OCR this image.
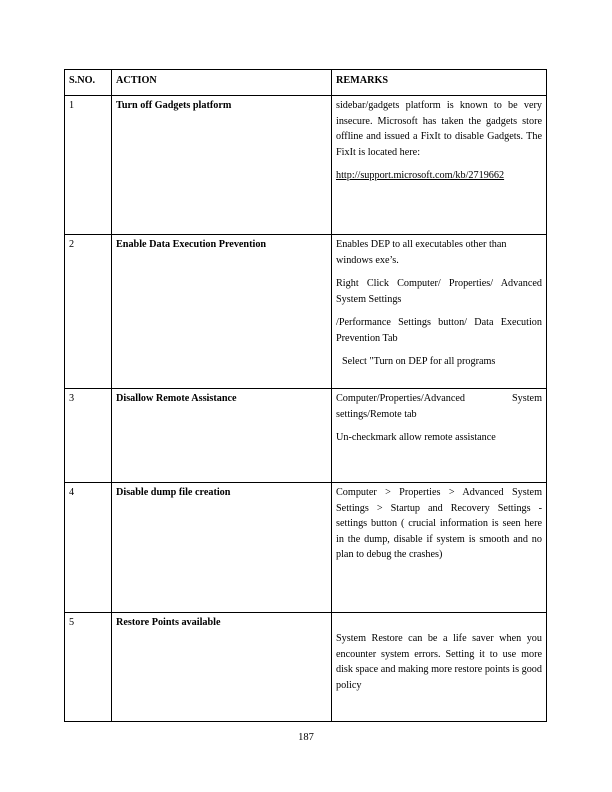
S.NO.	ACTION	REMARKS
1	Turn off Gadgets platform	sidebar/gadgets platform is known to be very insecure. Microsoft has taken the gadgets store offline and issued a FixIt to disable Gadgets. The FixIt is located here:

http://support.microsoft.com/kb/2719662

2	Enable Data Execution Prevention	Enables DEP to all executables other than windows exe’s.

Right Click Computer/ Properties/ Advanced System Settings

/Performance Settings button/ Data Execution Prevention Tab

Select "Turn on DEP for all programs

3	Disallow Remote Assistance	Computer/Properties/Advanced System settings/Remote tab

Un-checkmark allow remote assistance

4	Disable dump file creation	Computer > Properties > Advanced System Settings > Startup and Recovery Settings - settings button ( crucial information is seen here in the dump, disable if system is smooth and no plan to debug the crashes)

5	Restore Points available	System Restore can be a life saver when you encounter system errors. Setting it to use more disk space and making more restore points is good policy

187
